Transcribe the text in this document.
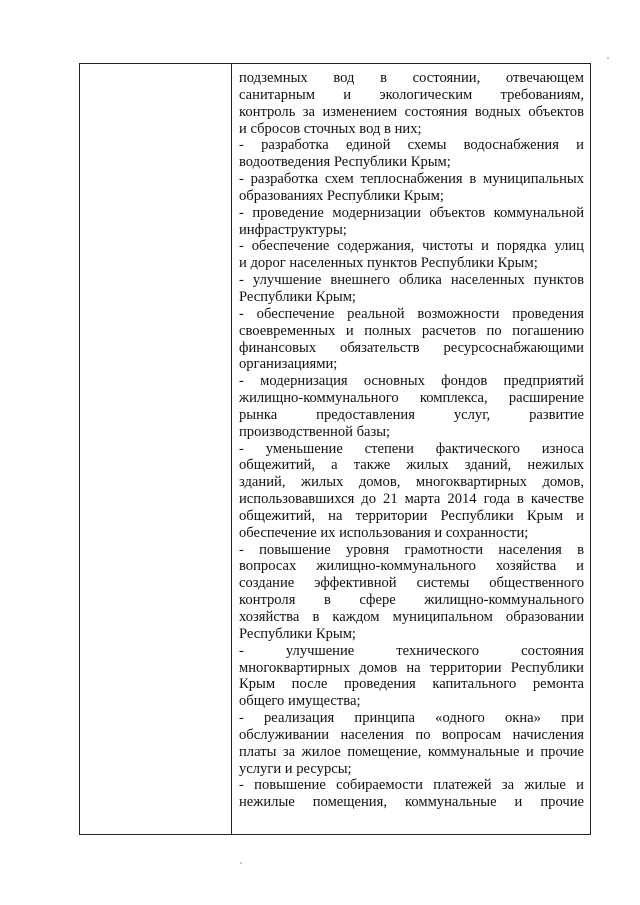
подземных вод в состоянии, отвечающем
санитарным и экологическим требованиям,
контроль за изменением состояния водных объектов
и сбросов сточных вод в них;
- разработка единой схемы водоснабжения и
водоотведения Республики Крым;
- разработка схем теплоснабжения в муниципальных
образованиях Республики Крым;
- проведение модернизации объектов коммунальной
инфраструктуры;
- обеспечение содержания, чистоты и порядка улиц
и дорог населенных пунктов Республики Крым;
- улучшение внешнего облика населенных пунктов
Республики Крым;
- обеспечение реальной возможности проведения
своевременных и полных расчетов по погашению
финансовых обязательств ресурсоснабжающими
организациями;
- модернизация основных фондов предприятий
жилищно-коммунального комплекса, расширение
рынка предоставления услуг, развитие
производственной базы;
- уменьшение степени фактического износа
общежитий, а также жилых зданий, нежилых
зданий, жилых домов, многоквартирных домов,
использовавшихся до 21 марта 2014 года в качестве
общежитий, на территории Республики Крым и
обеспечение их использования и сохранности;
- повышение уровня грамотности населения в
вопросах жилищно-коммунального хозяйства и
создание эффективной системы общественного
контроля в сфере жилищно-коммунального
хозяйства в каждом муниципальном образовании
Республики Крым;
- улучшение технического состояния
многоквартирных домов на территории Республики
Крым после проведения капитального ремонта
общего имущества;
- реализация принципа «одного окна» при
обслуживании населения по вопросам начисления
платы за жилое помещение, коммунальные и прочие
услуги и ресурсы;
- повышение собираемости платежей за жилые и
нежилые помещения, коммунальные и прочие
